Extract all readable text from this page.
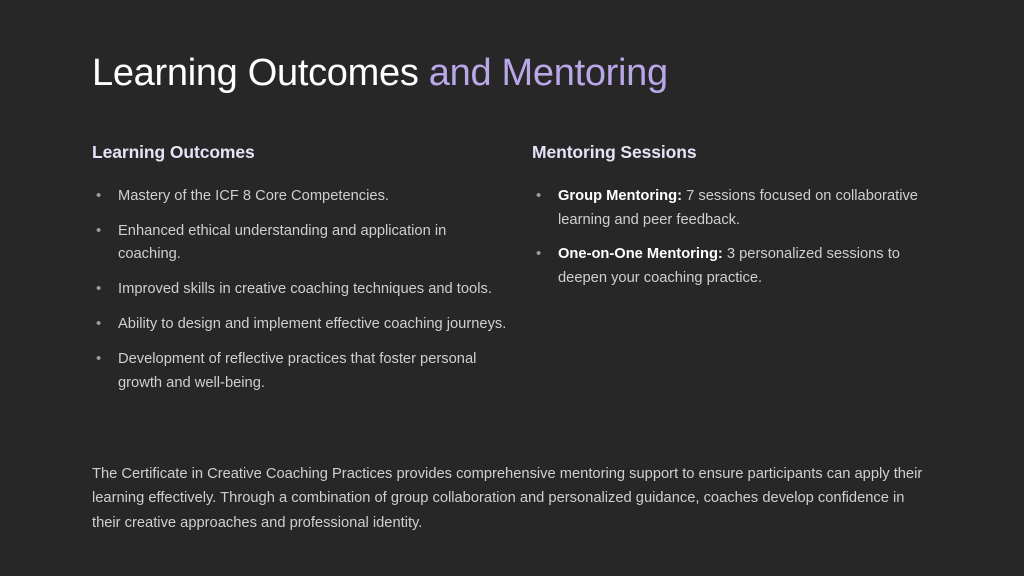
Learning Outcomes and Mentoring
Learning Outcomes
• Mastery of the ICF 8 Core Competencies.
• Enhanced ethical understanding and application in coaching.
• Improved skills in creative coaching techniques and tools.
• Ability to design and implement effective coaching journeys.
• Development of reflective practices that foster personal growth and well-being.
Mentoring Sessions
• Group Mentoring: 7 sessions focused on collaborative learning and peer feedback.
• One-on-One Mentoring: 3 personalized sessions to deepen your coaching practice.

The Certificate in Creative Coaching Practices provides comprehensive mentoring support to ensure participants can apply their learning effectively. Through a combination of group collaboration and personalized guidance, coaches develop confidence in their creative approaches and professional identity.
